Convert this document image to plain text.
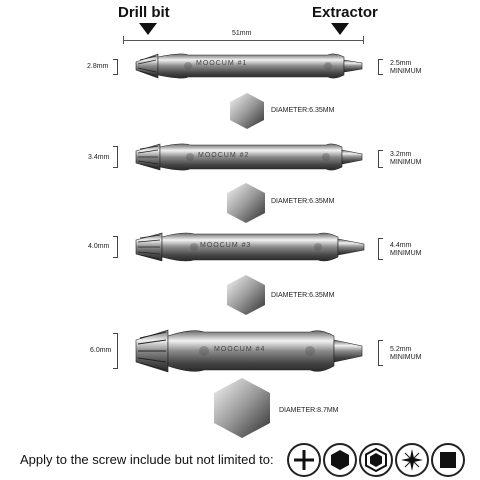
Drill bit	Extractor
51mm
2.8mm	MOOCUM #1	2.5mm
MINIMUM
DIAMETER:6.35MM
3.4mm	MOOCUM #2	3.2mm
MINIMUM
DIAMETER:6.35MM
4.0mm	MOOCUM #3	4.4mm
MINIMUM
DIAMETER:6.35MM
6.0mm	MOOCUM #4	5.2mm
MINIMUM
DIAMETER:8.7MM
Apply to the screw include but not limited to:
